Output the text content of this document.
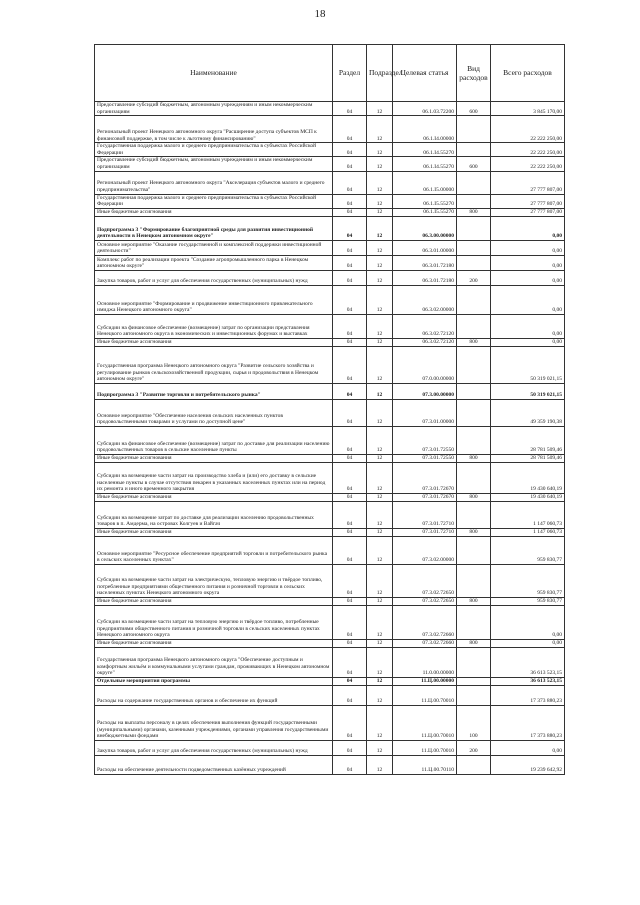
18
Наименование	Раздел	Подраздел	Целевая статья	Вид расходов	Всего расходов
Предоставление субсидий бюджетным, автономным учреждениям и иным некоммерческим организациям	04	12	06.1.03.72200	600	3 845 170,00
Региональный проект Ненецкого автономного округа "Расширение доступа субъектов МСП к финансовой поддержке, в том числе к льготному финансированию"	04	12	06.1.I4.00000		22 222 250,00
Государственная поддержка малого и среднего предпринимательства в субъектах Российской Федерации	04	12	06.1.I4.55270		22 222 250,00
Предоставление субсидий бюджетным, автономным учреждениям и иным некоммерческим организациям	04	12	06.1.I4.55270	600	22 222 250,00
Региональный проект Ненецкого автономного округа "Акселерация субъектов малого и среднего предпринимательства"	04	12	06.1.I5.00000		27 777 807,00
Государственная поддержка малого и среднего предпринимательства в субъектах Российской Федерации	04	12	06.1.I5.55270		27 777 807,00
Иные бюджетные ассигнования	04	12	06.1.I5.55270	800	27 777 807,00
Подпрограмма 3 "Формирование благоприятной среды для развития инвестиционной деятельности в Ненецком автономном округе"	04	12	06.3.00.00000		0,00
Основное мероприятие "Оказание государственной и комплексной поддержки инвестиционной деятельности"	04	12	06.3.01.00000		0,00
Комплекс работ по реализации проекта "Создание агропромышленного парка в Ненецком автономном округе"	04	12	06.3.01.72180		0,00
Закупка товаров, работ и услуг для обеспечения государственных (муниципальных) нужд	04	12	06.3.01.72180	200	0,00
Основное мероприятие "Формирование и продвижение инвестиционного привлекательного имиджа Ненецкого автономного округа"	04	12	06.3.02.00000		0,00
Субсидии на финансовое обеспечение (возмещение) затрат по организации представления Ненецкого автономного округа в экономических и инвестиционных форумах и выставках	04	12	06.3.02.72120		0,00
Иные бюджетные ассигнования	04	12	06.3.02.72120	800	0,00
Государственная программа Ненецкого автономного округа "Развитие сельского хозяйства и регулирование рынков сельскохозяйственной продукции, сырья и продовольствия в Ненецком автономном округе"	04	12	07.0.00.00000		50 319 021,15
Подпрограмма 3 "Развитие торговли и потребительского рынка"	04	12	07.3.00.00000		50 319 021,15
Основное мероприятие "Обеспечение населения сельских населенных пунктов продовольственными товарами и услугами по доступной цене"	04	12	07.3.01.00000		49 359 190,38
Субсидии на финансовое обеспечение (возмещение) затрат по доставке для реализации населению продовольственных товаров в сельские населенные пункты	04	12	07.3.01.72550		28 781 509,46
Иные бюджетные ассигнования	04	12	07.3.01.72550	800	28 781 509,46
Субсидии на возмещение части затрат на производство хлеба и (или) его доставку в сельские населенные пункты в случае отсутствия пекарен в указанных населенных пунктах или на период их ремонта и иного временного закрытия	04	12	07.3.01.72670		19 430 640,19
Иные бюджетные ассигнования	04	12	07.3.01.72670	800	19 430 640,19
Субсидии на возмещение затрат по доставке для реализации населению продовольственных товаров в п. Амдерма, на островах Колгуев и Вайгач	04	12	07.3.01.72710		1 147 060,73
Иные бюджетные ассигнования	04	12	07.3.01.72710	800	1 147 060,73
Основное мероприятие "Ресурсное обеспечение предприятий торговли и потребительского рынка в сельских населенных пунктах"	04	12	07.3.02.00000		959 830,77
Субсидии на возмещение части затрат на электрическую, тепловую энергию и твёрдое топливо, потребленные предприятиями общественного питания и розничной торговли в сельских населенных пунктах Ненецкого автономного округа	04	12	07.3.02.72650		959 830,77
Иные бюджетные ассигнования	04	12	07.3.02.72650	800	959 830,77
Субсидии на возмещение части затрат на тепловую энергию и твёрдое топливо, потребленные предприятиями общественного питания и розничной торговли в сельских населенных пунктах Ненецкого автономного округа	04	12	07.3.02.72660		0,00
Иные бюджетные ассигнования	04	12	07.3.02.72660	800	0,00
Государственная программа Ненецкого автономного округа "Обеспечение доступным и комфортным жильём и коммунальными услугами граждан, проживающих в Ненецком автономном округе"	04	12	11.0.00.00000		36 613 523,15
Отдельные мероприятия программы	04	12	11.Ц.00.00000		36 613 523,15
Расходы на содержание государственных органов и обеспечение их функций	04	12	11.Ц.00.70010		17 373 880,23
Расходы на выплаты персоналу в целях обеспечения выполнения функций государственными (муниципальными) органами, казенными учреждениями, органами управления государственными внебюджетными фондами	04	12	11.Ц.00.70010	100	17 373 880,23
Закупка товаров, работ и услуг для обеспечения государственных (муниципальных) нужд	04	12	11.Ц.00.70010	200	0,00
Расходы на обеспечение деятельности подведомственных казённых учреждений	04	12	11.Ц.00.70110		19 239 642,92
